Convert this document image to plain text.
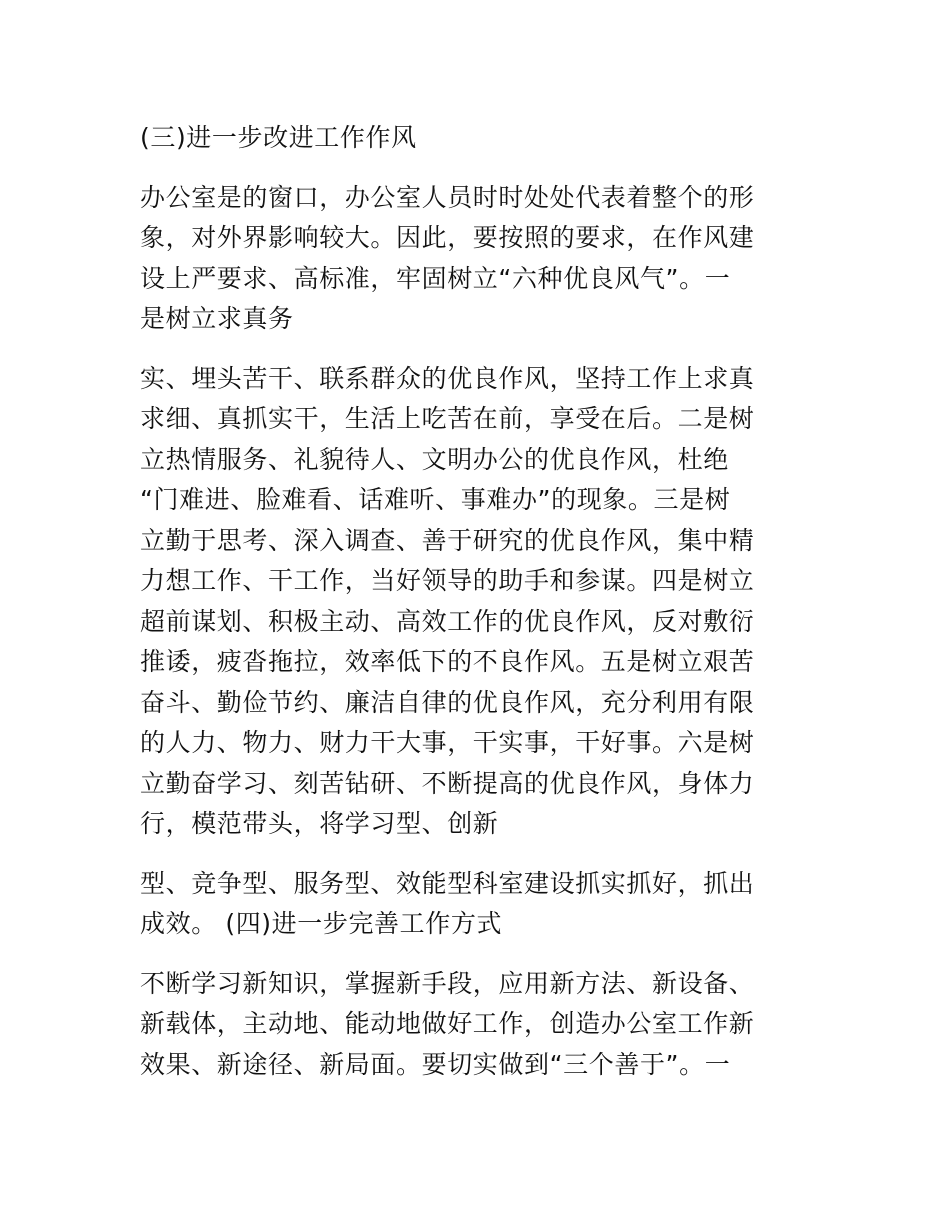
(三)进一步改进工作作风
办公室是的窗口，办公室人员时时处处代表着整个的形
象，对外界影响较大。因此，要按照的要求，在作风建
设上严要求、高标准，牢固树立“六种优良风气”。一
是树立求真务
实、埋头苦干、联系群众的优良作风，坚持工作上求真
求细、真抓实干，生活上吃苦在前，享受在后。二是树
立热情服务、礼貌待人、文明办公的优良作风，杜绝
“门难进、脸难看、话难听、事难办”的现象。三是树
立勤于思考、深入调查、善于研究的优良作风，集中精
力想工作、干工作，当好领导的助手和参谋。四是树立
超前谋划、积极主动、高效工作的优良作风，反对敷衍
推诿，疲沓拖拉，效率低下的不良作风。五是树立艰苦
奋斗、勤俭节约、廉洁自律的优良作风，充分利用有限
的人力、物力、财力干大事，干实事，干好事。六是树
立勤奋学习、刻苦钻研、不断提高的优良作风，身体力
行，模范带头，将学习型、创新
型、竞争型、服务型、效能型科室建设抓实抓好，抓出
成效。 (四)进一步完善工作方式
不断学习新知识，掌握新手段，应用新方法、新设备、
新载体，主动地、能动地做好工作，创造办公室工作新
效果、新途径、新局面。要切实做到“三个善于”。一
